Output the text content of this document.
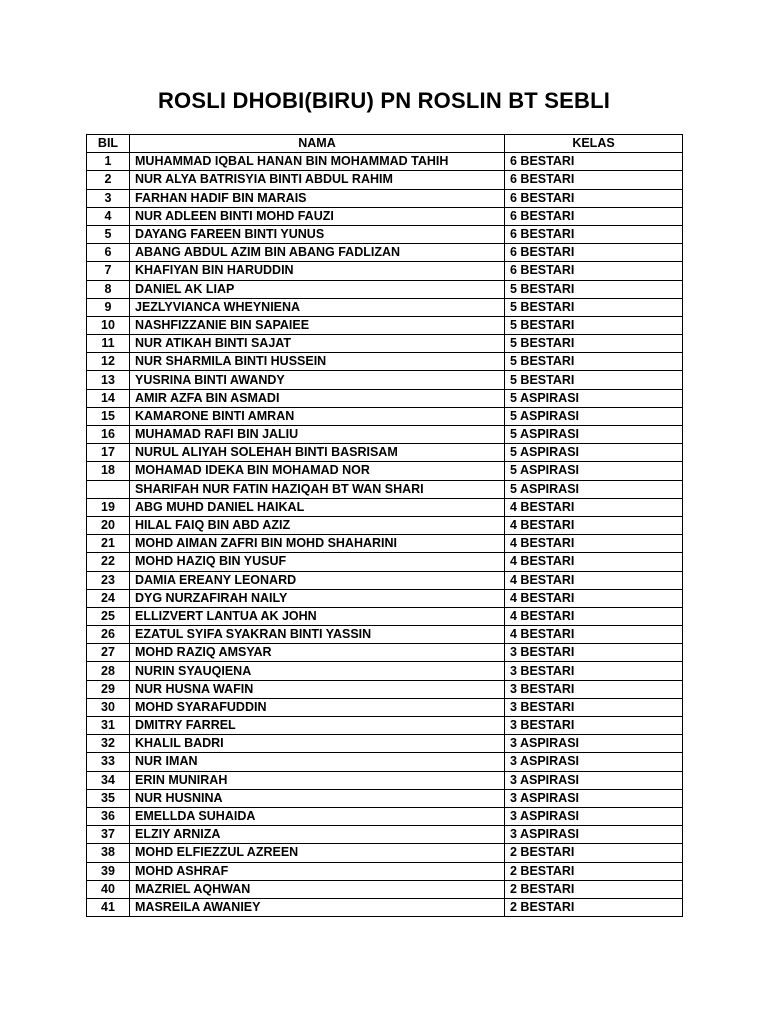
ROSLI DHOBI(BIRU) PN ROSLIN BT SEBLI
BIL	NAMA	KELAS
1	MUHAMMAD IQBAL HANAN BIN MOHAMMAD TAHIH	6 BESTARI
2	NUR ALYA BATRISYIA BINTI ABDUL RAHIM	6 BESTARI
3	FARHAN HADIF BIN MARAIS	6 BESTARI
4	NUR ADLEEN BINTI MOHD FAUZI	6 BESTARI
5	DAYANG FAREEN BINTI YUNUS	6 BESTARI
6	ABANG ABDUL AZIM BIN ABANG FADLIZAN	6 BESTARI
7	KHAFIYAN BIN HARUDDIN	6 BESTARI
8	DANIEL AK LIAP	5 BESTARI
9	JEZLYVIANCA WHEYNIENA	5 BESTARI
10	NASHFIZZANIE BIN SAPAIEE	5 BESTARI
11	NUR ATIKAH BINTI SAJAT	5 BESTARI
12	NUR SHARMILA BINTI HUSSEIN	5 BESTARI
13	YUSRINA BINTI AWANDY	5 BESTARI
14	AMIR AZFA BIN ASMADI	5 ASPIRASI
15	KAMARONE BINTI AMRAN	5 ASPIRASI
16	MUHAMAD RAFI BIN JALIU	5 ASPIRASI
17	NURUL ALIYAH SOLEHAH BINTI BASRISAM	5 ASPIRASI
18	MOHAMAD IDEKA BIN MOHAMAD NOR	5 ASPIRASI
	SHARIFAH NUR FATIN HAZIQAH BT WAN SHARI	5 ASPIRASI
19	ABG MUHD DANIEL HAIKAL	4 BESTARI
20	HILAL FAIQ BIN ABD AZIZ	4 BESTARI
21	MOHD AIMAN ZAFRI BIN MOHD SHAHARINI	4 BESTARI
22	MOHD HAZIQ BIN YUSUF	4 BESTARI
23	DAMIA EREANY LEONARD	4 BESTARI
24	DYG NURZAFIRAH NAILY	4 BESTARI
25	ELLIZVERT LANTUA AK JOHN	4 BESTARI
26	EZATUL SYIFA SYAKRAN BINTI YASSIN	4 BESTARI
27	MOHD RAZIQ AMSYAR	3 BESTARI
28	NURIN SYAUQIENA	3 BESTARI
29	NUR HUSNA WAFIN	3 BESTARI
30	MOHD SYARAFUDDIN	3 BESTARI
31	DMITRY FARREL	3 BESTARI
32	KHALIL BADRI	3 ASPIRASI
33	NUR IMAN	3 ASPIRASI
34	ERIN MUNIRAH	3 ASPIRASI
35	NUR HUSNINA	3 ASPIRASI
36	EMELLDA SUHAIDA	3 ASPIRASI
37	ELZIY ARNIZA	3 ASPIRASI
38	MOHD ELFIEZZUL AZREEN	2 BESTARI
39	MOHD ASHRAF	2 BESTARI
40	MAZRIEL AQHWAN	2 BESTARI
41	MASREILA AWANIEY	2 BESTARI
